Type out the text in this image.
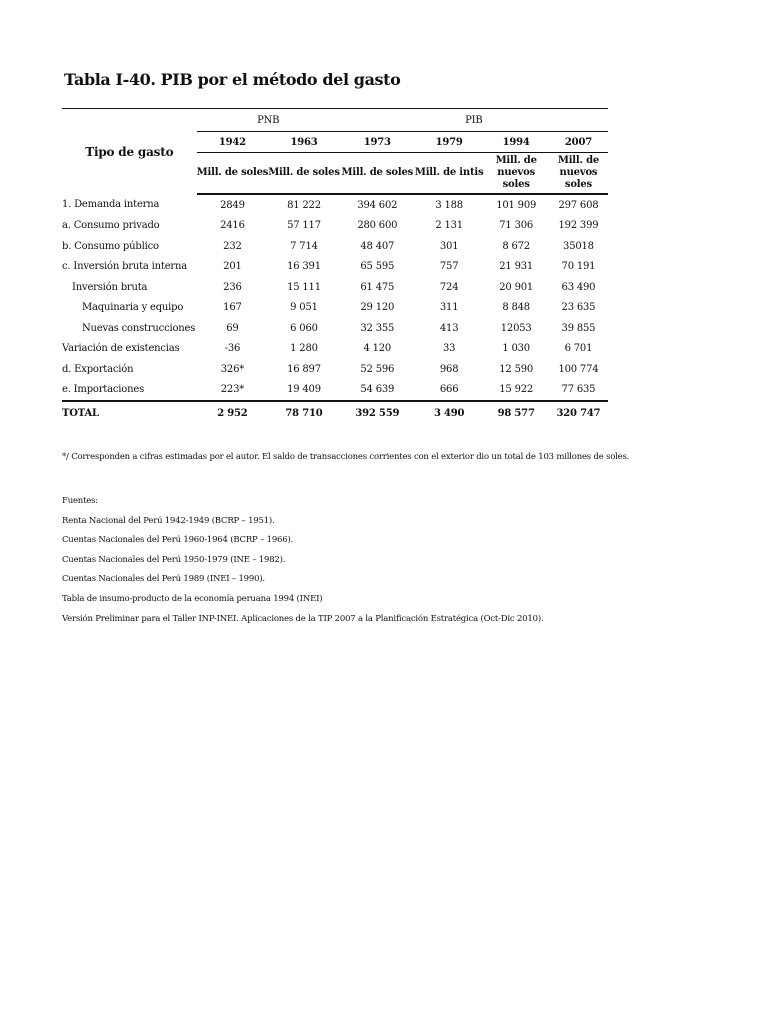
Tabla I-40. PIB por el método del gasto
Tipo de gasto	PNB		PIB			
	1942	1963	1973	1979	1994	2007
	Mill. de soles	Mill. de soles	Mill. de soles	Mill. de intis	Mill. de nuevos soles	Mill. de nuevos soles
1. Demanda interna	2849	81 222	394 602	3 188	101 909	297 608
a. Consumo privado	2416	57 117	280 600	2 131	71 306	192 399
b. Consumo público	232	7 714	48 407	301	8 672	35018
c. Inversión bruta interna	201	16 391	65 595	757	21 931	70 191
Inversión bruta	236	15 111	61 475	724	20 901	63 490
Maquinaria y equipo	167	9 051	29 120	311	8 848	23 635
Nuevas construcciones	69	6 060	32 355	413	12053	39 855
Variación de existencias	-36	1 280	4 120	33	1 030	6 701
d. Exportación	326*	16 897	52 596	968	12 590	100 774
e. Importaciones	223*	19 409	54 639	666	15 922	77 635
TOTAL	2 952	78 710	392 559	3 490	98 577	320 747
*/ Corresponden a cifras estimadas por el autor. El saldo de transacciones corrientes con el exterior dio un total de 103 millones de soles.
Fuentes:
Renta Nacional del Perú 1942-1949 (BCRP – 1951).
Cuentas Nacionales del Perú 1960-1964 (BCRP – 1966).
Cuentas Nacionales del Perú 1950-1979 (INE – 1982).
Cuentas Nacionales del Perú 1989 (INEI – 1990).
Tabla de insumo-producto de la economía peruana 1994 (INEI)
Versión Preliminar para el Taller INP-INEI. Aplicaciones de la TIP 2007 a la Planificación Estratégica (Oct-Dic 2010).
